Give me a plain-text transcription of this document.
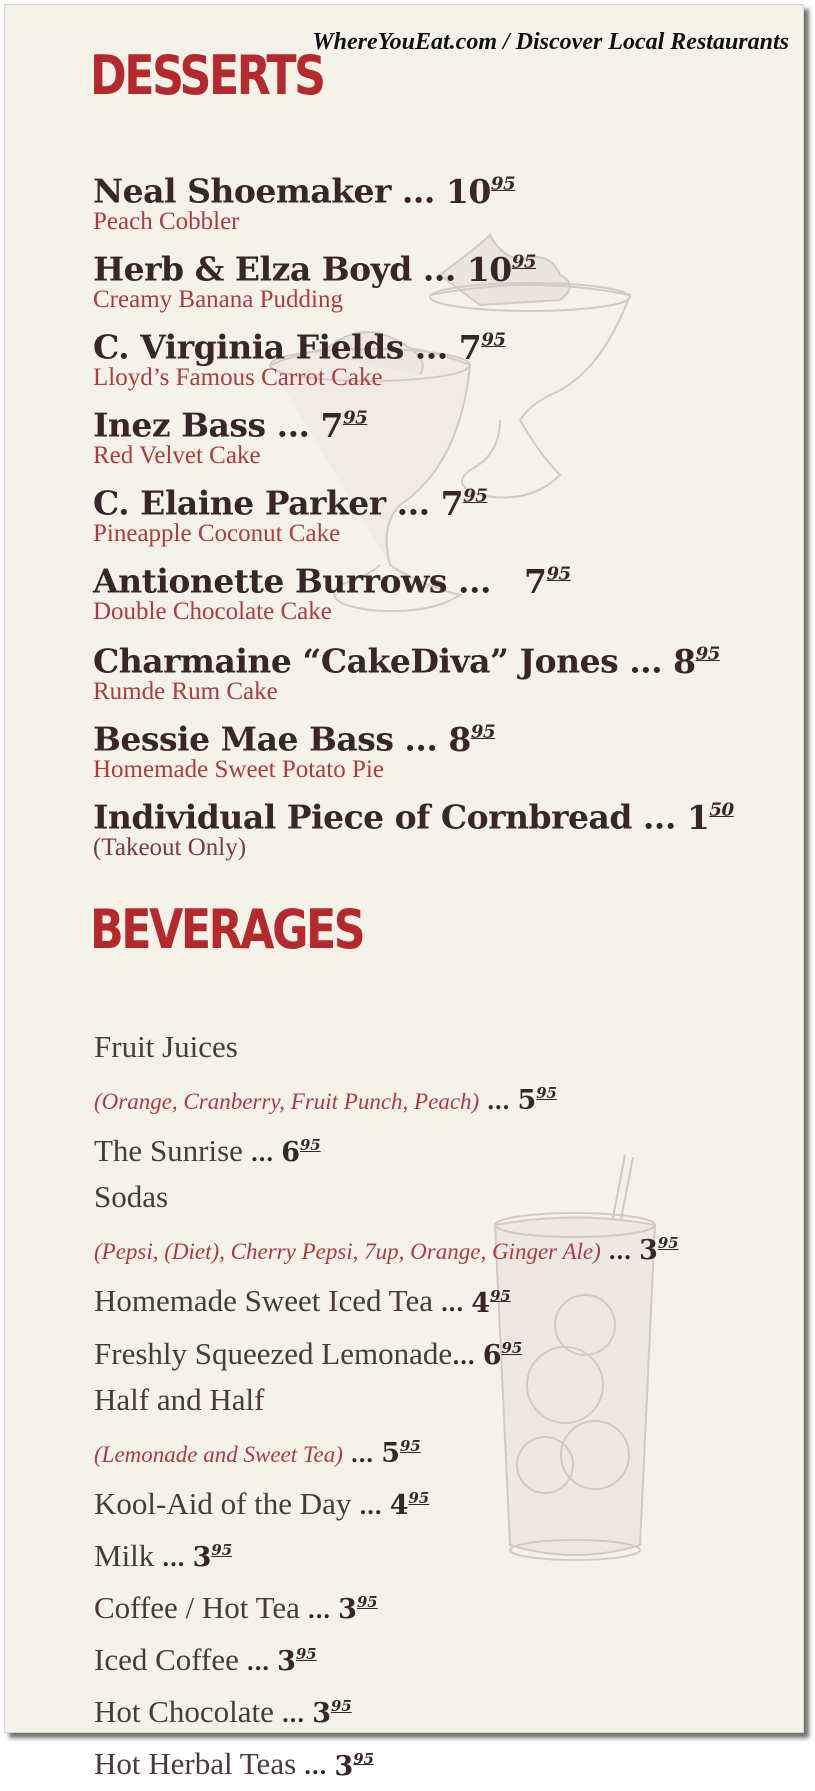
WhereYouEat.com / Discover Local Restaurants
DESSERTS
Neal Shoemaker ... $10^{95}$
Peach Cobbler
Herb & Elza Boyd ... $10^{95}$
Creamy Banana Pudding
C. Virginia Fields ... $7^{95}$
Lloyd’s Famous Carrot Cake
Inez Bass ... $7^{95}$
Red Velvet Cake
C. Elaine Parker ... $7^{95}$
Pineapple Coconut Cake
Antionette Burrows ... $7^{95}$
Double Chocolate Cake
Charmaine “CakeDiva” Jones ... $8^{95}$
Rumde Rum Cake
Bessie Mae Bass ... $8^{95}$
Homemade Sweet Potato Pie
Individual Piece of Cornbread ... $1^{50}$
(Takeout Only)
BEVERAGES
Fruit Juices
(Orange, Cranberry, Fruit Punch, Peach) ... $5^{95}$
The Sunrise ... $6^{95}$
Sodas
(Pepsi, (Diet), Cherry Pepsi, 7up, Orange, Ginger Ale) ... $3^{95}$
Homemade Sweet Iced Tea ... $4^{95}$
Freshly Squeezed Lemonade... $6^{95}$
Half and Half
(Lemonade and Sweet Tea) ... $5^{95}$
Kool-Aid of the Day ... $4^{95}$
Milk ... $3^{95}$
Coffee / Hot Tea ... $3^{95}$
Iced Coffee ... $3^{95}$
Hot Chocolate ... $3^{95}$
Hot Herbal Teas ... $3^{95}$
